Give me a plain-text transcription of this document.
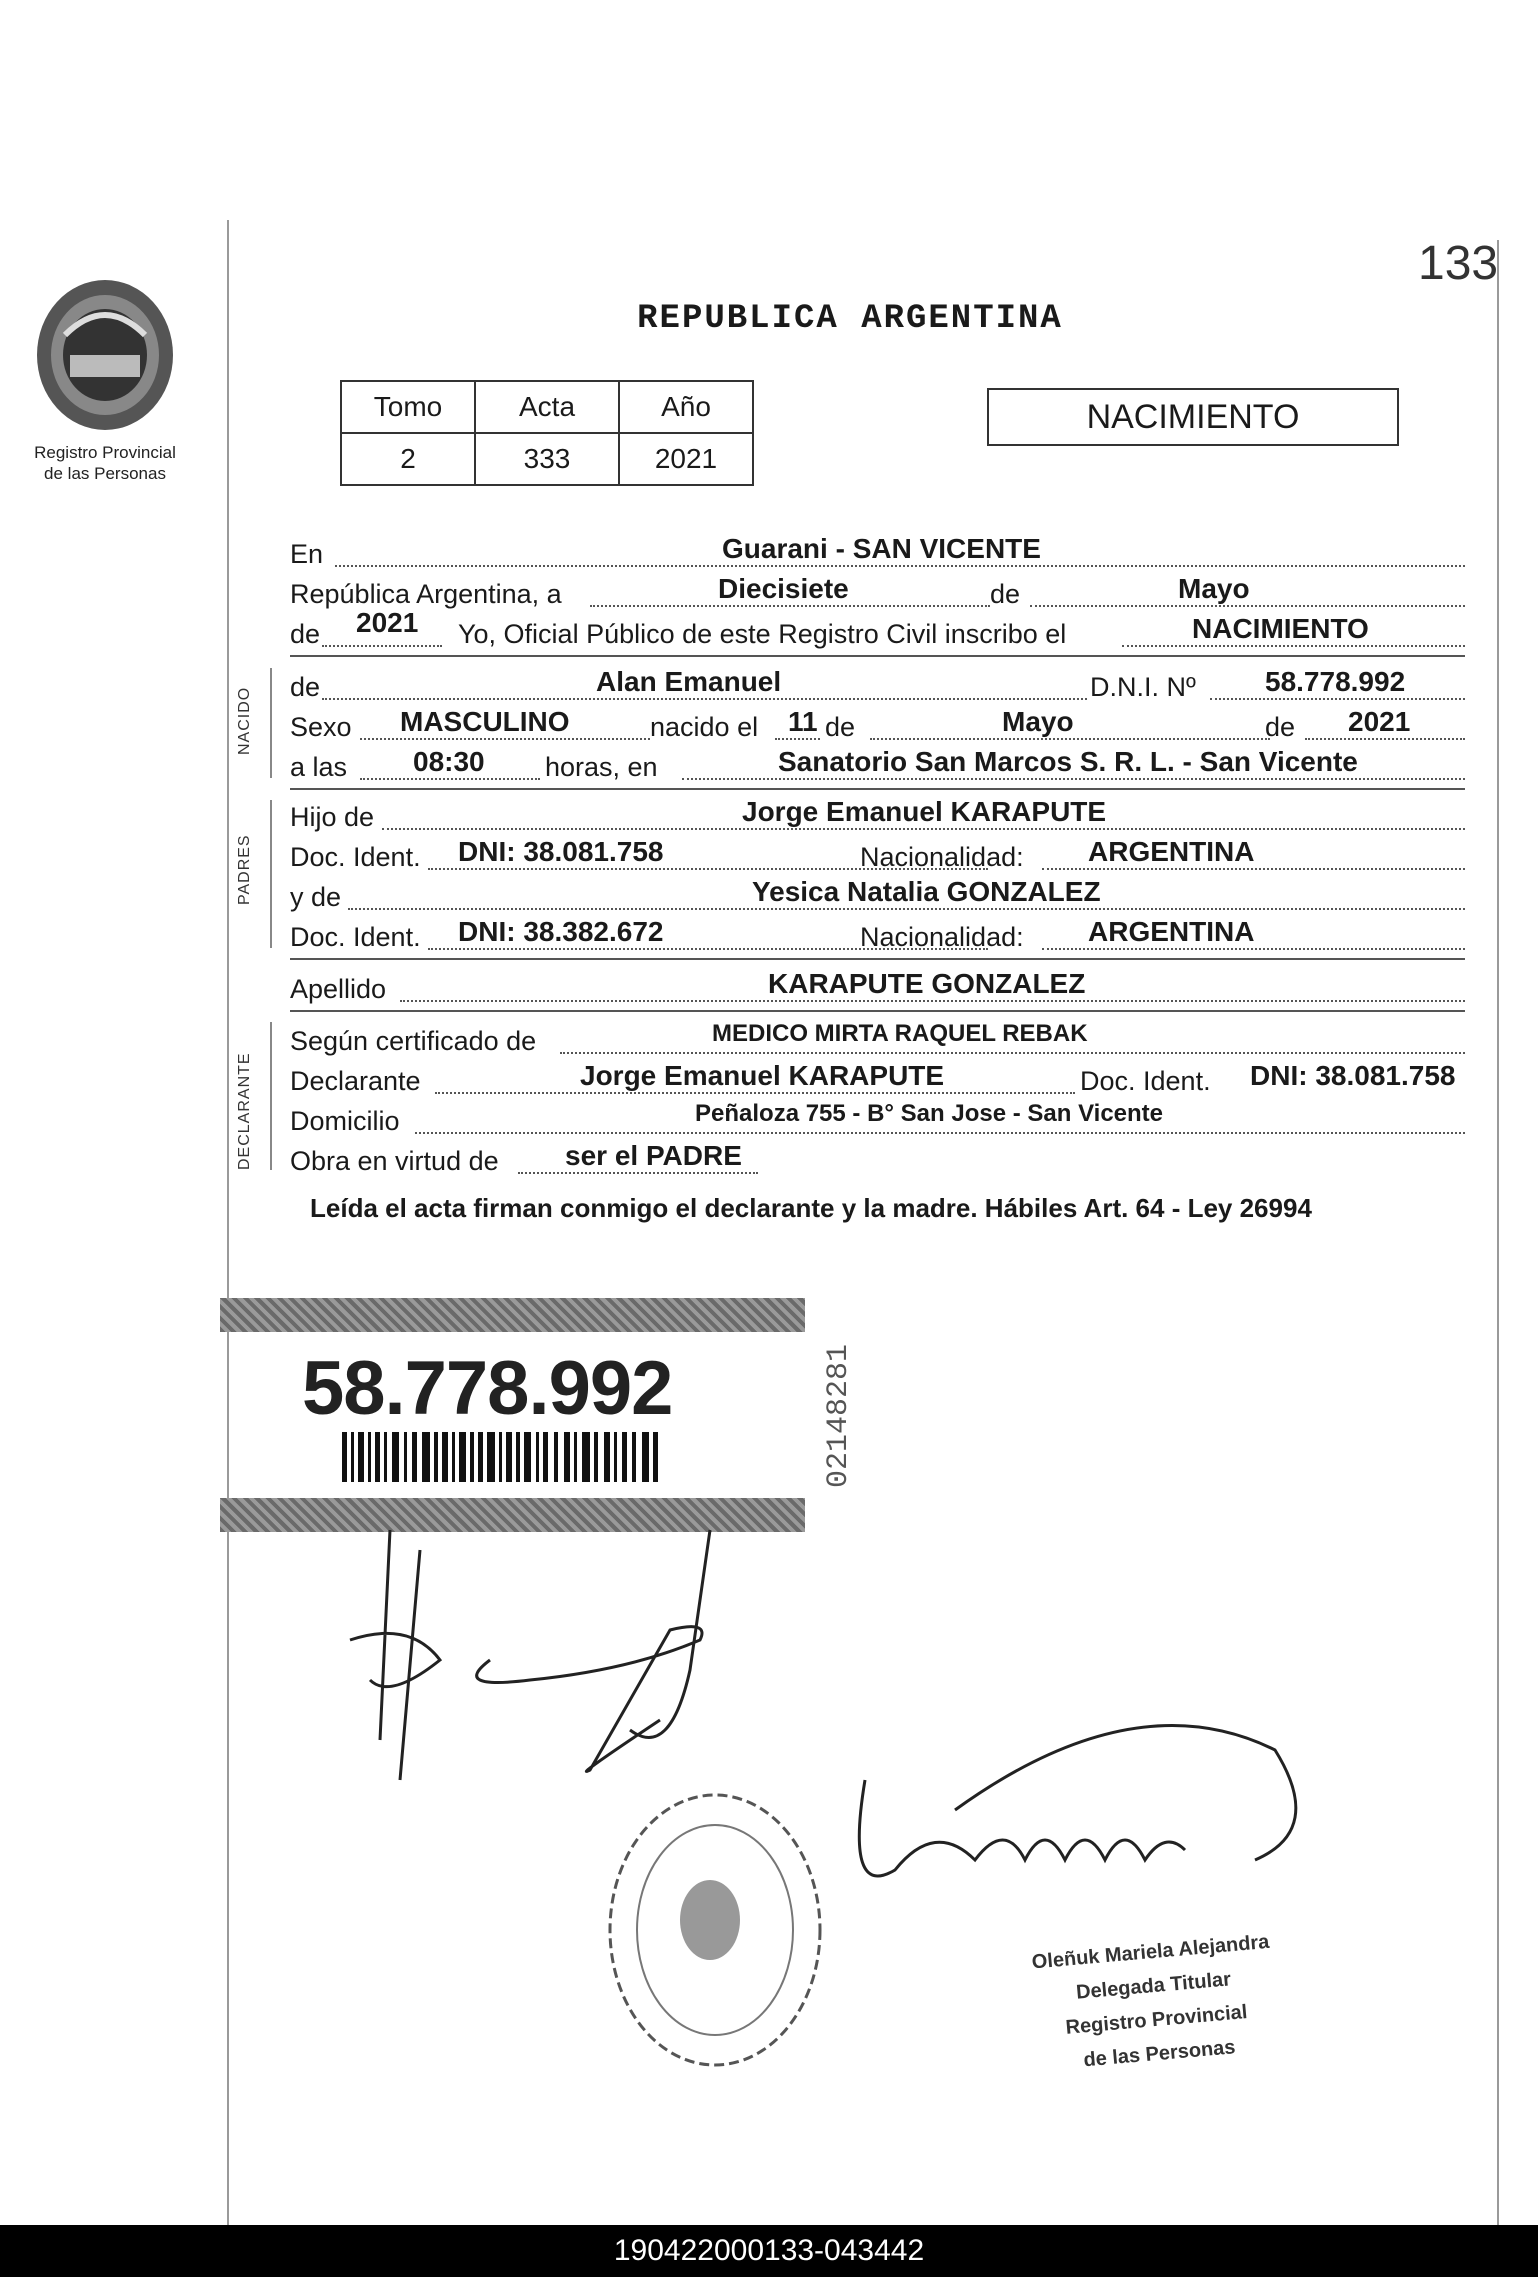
Registro Provincial
de las Personas
133
REPUBLICA ARGENTINA
Tomo	Acta	Año
2	333	2021
NACIMIENTO
En	Guarani - SAN VICENTE
República Argentina, a	Diecisiete	de	Mayo
de 2021 Yo, Oficial Público de este Registro Civil inscribo el	NACIMIENTO
NACIDO de	Alan Emanuel	D.N.I. Nº 58.778.992
Sexo MASCULINO	nacido el 11 de	Mayo	de 2021
a las 08:30 horas, en	Sanatorio San Marcos S. R. L. - San Vicente
PADRES
Hijo de	Jorge Emanuel KARAPUTE
Doc. Ident. DNI: 38.081.758	Nacionalidad: ARGENTINA
y de	Yesica Natalia GONZALEZ
Doc. Ident. DNI: 38.382.672	Nacionalidad: ARGENTINA
Apellido	KARAPUTE GONZALEZ
DECLARANTE
Según certificado de	MEDICO MIRTA RAQUEL REBAK
Declarante	Jorge Emanuel KARAPUTE	Doc. Ident. DNI: 38.081.758
Domicilio	Peñaloza 755 - B° San Jose - San Vicente
Obra en virtud de ser el PADRE
Leída el acta firman conmigo el declarante y la madre. Hábiles Art. 64 - Ley 26994
58.778.992	02148281
Oleñuk Mariela Alejandra
Delegada Titular
Registro Provincial
de las Personas
190422000133-043442
